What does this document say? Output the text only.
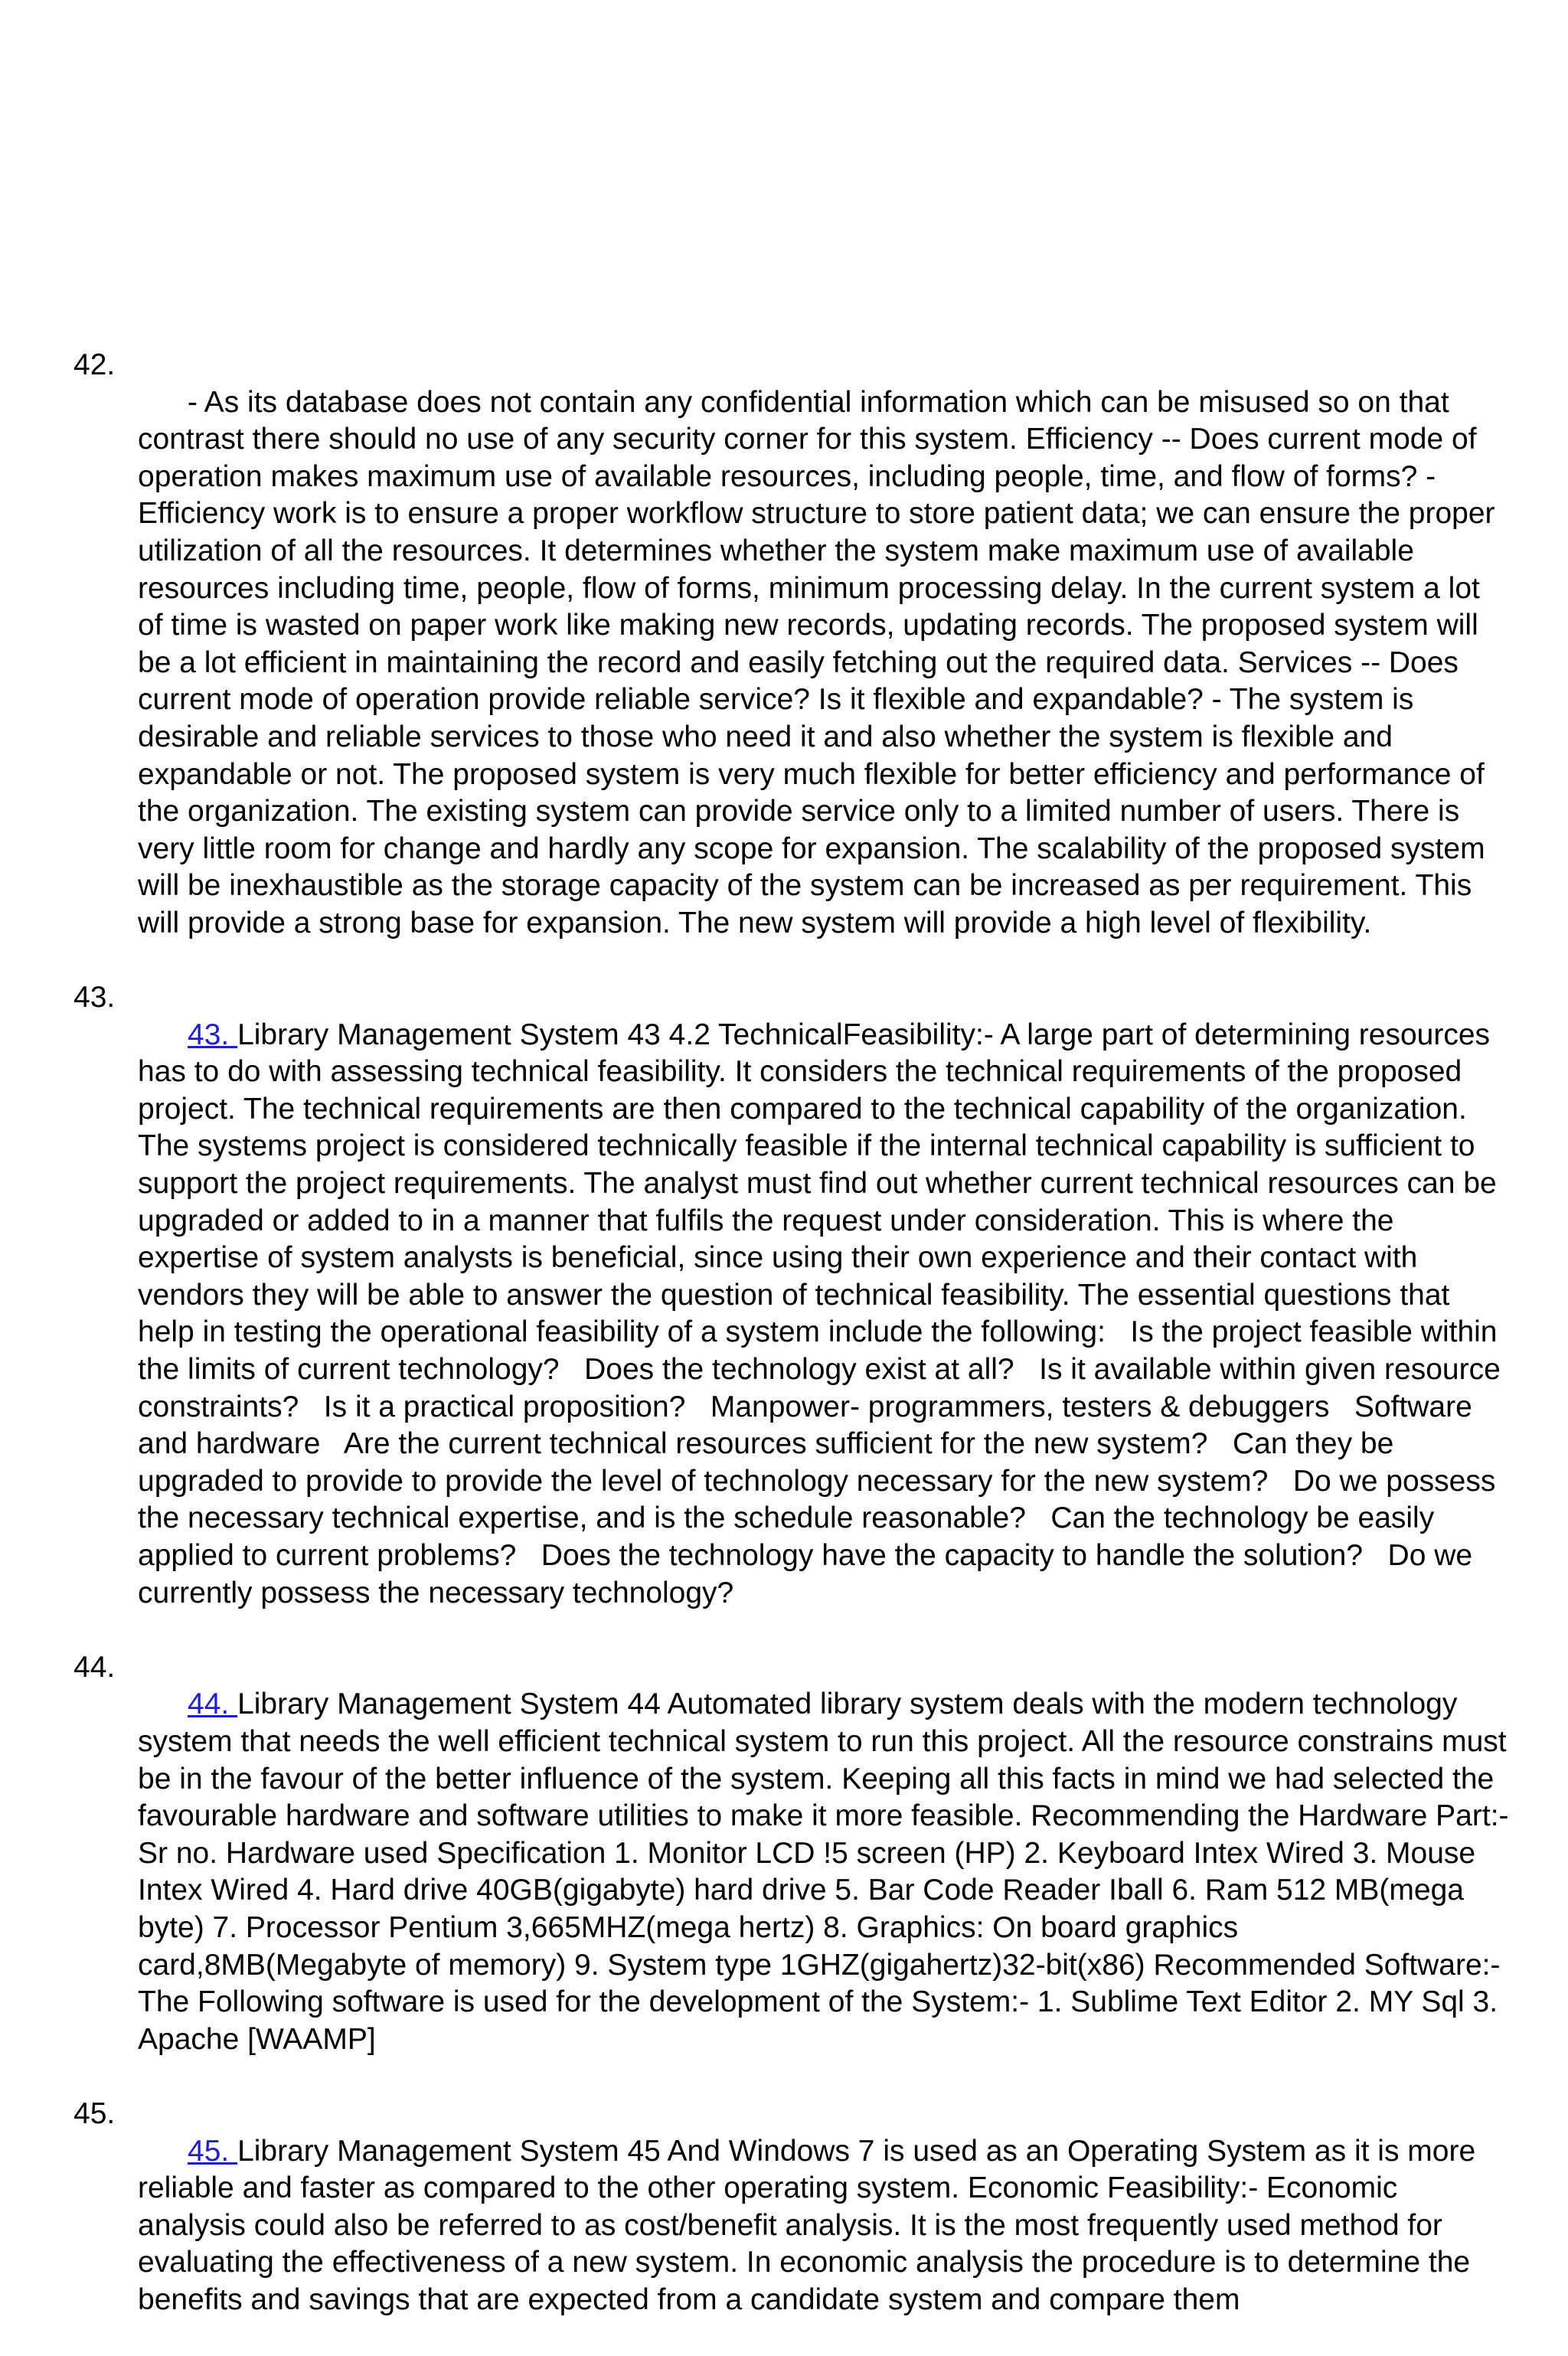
42.
- As its database does not contain any confidential information which can be misused so on that contrast there should no use of any security corner for this system. Efficiency -- Does current mode of operation makes maximum use of available resources, including people, time, and flow of forms? - Efficiency work is to ensure a proper workflow structure to store patient data; we can ensure the proper utilization of all the resources. It determines whether the system make maximum use of available resources including time, people, flow of forms, minimum processing delay. In the current system a lot of time is wasted on paper work like making new records, updating records. The proposed system will be a lot efficient in maintaining the record and easily fetching out the required data. Services -- Does current mode of operation provide reliable service? Is it flexible and expandable? - The system is desirable and reliable services to those who need it and also whether the system is flexible and expandable or not. The proposed system is very much flexible for better efficiency and performance of the organization. The existing system can provide service only to a limited number of users. There is very little room for change and hardly any scope for expansion. The scalability of the proposed system will be inexhaustible as the storage capacity of the system can be increased as per requirement. This will provide a strong base for expansion. The new system will provide a high level of flexibility.

43.
43. Library Management System 43 4.2 TechnicalFeasibility:- A large part of determining resources has to do with assessing technical feasibility. It considers the technical requirements of the proposed project. The technical requirements are then compared to the technical capability of the organization. The systems project is considered technically feasible if the internal technical capability is sufficient to support the project requirements. The analyst must find out whether current technical resources can be upgraded or added to in a manner that fulfils the request under consideration. This is where the expertise of system analysts is beneficial, since using their own experience and their contact with vendors they will be able to answer the question of technical feasibility. The essential questions that help in testing the operational feasibility of a system include the following:   Is the project feasible within the limits of current technology?   Does the technology exist at all?   Is it available within given resource constraints?   Is it a practical proposition?   Manpower- programmers, testers & debuggers   Software and hardware   Are the current technical resources sufficient for the new system?   Can they be upgraded to provide to provide the level of technology necessary for the new system?   Do we possess the necessary technical expertise, and is the schedule reasonable?   Can the technology be easily applied to current problems?   Does the technology have the capacity to handle the solution?   Do we currently possess the necessary technology?

44.
44. Library Management System 44 Automated library system deals with the modern technology system that needs the well efficient technical system to run this project. All the resource constrains must be in the favour of the better influence of the system. Keeping all this facts in mind we had selected the favourable hardware and software utilities to make it more feasible. Recommending the Hardware Part:- Sr no. Hardware used Specification 1. Monitor LCD !5 screen (HP) 2. Keyboard Intex Wired 3. Mouse Intex Wired 4. Hard drive 40GB(gigabyte) hard drive 5. Bar Code Reader Iball 6. Ram 512 MB(mega byte) 7. Processor Pentium 3,665MHZ(mega hertz) 8. Graphics: On board graphics card,8MB(Megabyte of memory) 9. System type 1GHZ(gigahertz)32-bit(x86) Recommended Software:- The Following software is used for the development of the System:- 1. Sublime Text Editor 2. MY Sql 3. Apache [WAAMP]

45.
45. Library Management System 45 And Windows 7 is used as an Operating System as it is more reliable and faster as compared to the other operating system. Economic Feasibility:- Economic analysis could also be referred to as cost/benefit analysis. It is the most frequently used method for evaluating the effectiveness of a new system. In economic analysis the procedure is to determine the benefits and savings that are expected from a candidate system and compare them
